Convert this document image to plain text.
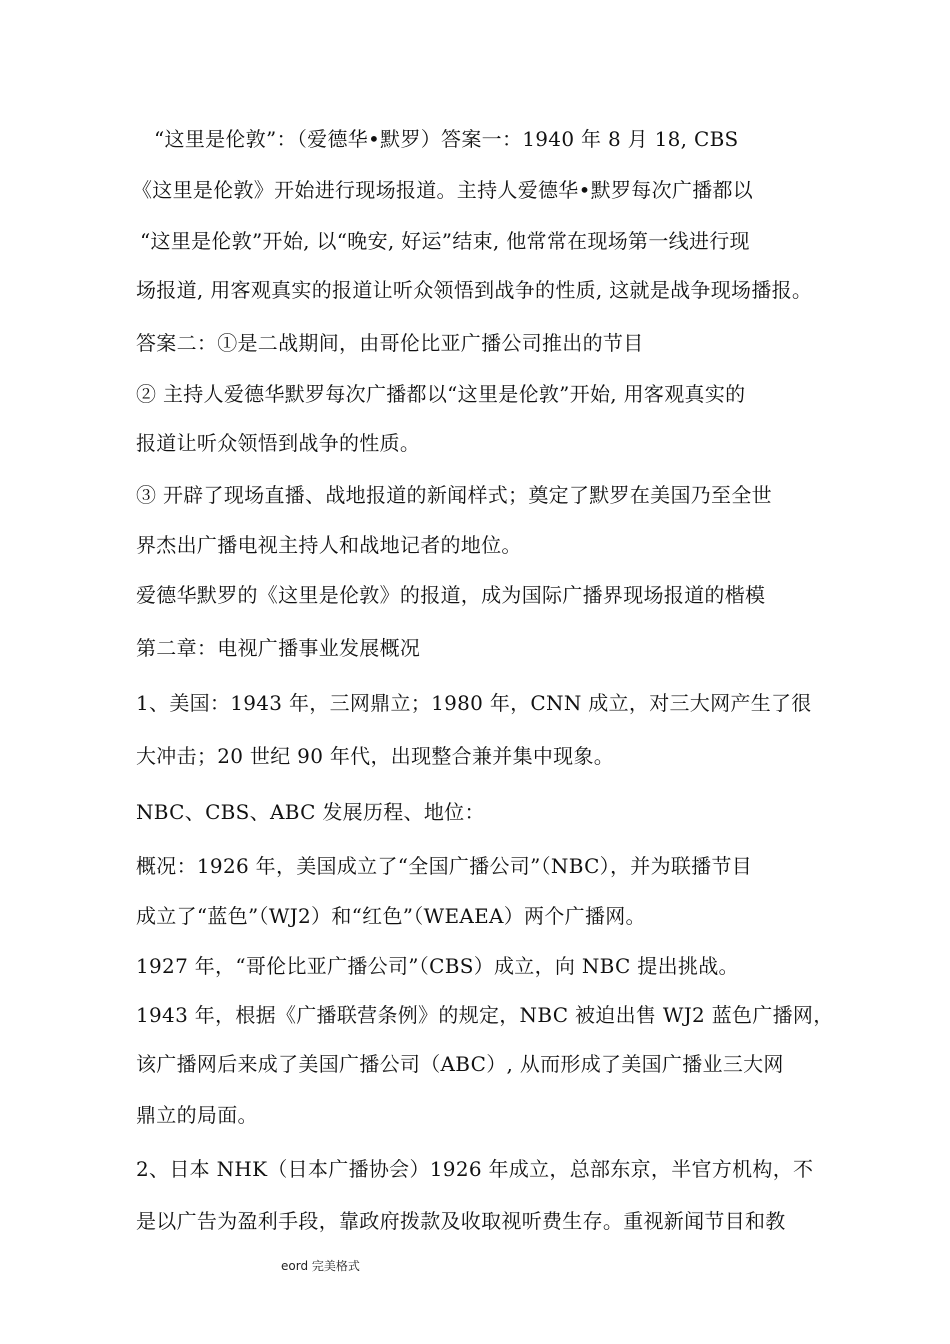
“这里是伦敦”：（爱德华•默罗）答案一：1940 年 8 月 18, CBS
《这里是伦敦》开始进行现场报道。主持人爱德华•默罗每次广播都以
“这里是伦敦”开始, 以“晚安, 好运”结束, 他常常在现场第一线进行现
场报道, 用客观真实的报道让听众领悟到战争的性质, 这就是战争现场播报。
答案二：①是二战期间，由哥伦比亚广播公司推出的节目
② 主持人爱德华默罗每次广播都以“这里是伦敦”开始, 用客观真实的
报道让听众领悟到战争的性质。
③ 开辟了现场直播、战地报道的新闻样式；奠定了默罗在美国乃至全世
界杰出广播电视主持人和战地记者的地位。
爱德华默罗的《这里是伦敦》的报道，成为国际广播界现场报道的楷模
第二章：电视广播事业发展概况
1、美国：1943 年，三网鼎立；1980 年，CNN 成立，对三大网产生了很
大冲击；20 世纪 90 年代，出现整合兼并集中现象。
NBC、CBS、ABC 发展历程、地位：
概况：1926 年，美国成立了“全国广播公司”（NBC），并为联播节目
成立了“蓝色”（WJ2）和“红色”（WEAEA）两个广播网。
1927 年，“哥伦比亚广播公司”（CBS）成立，向 NBC 提出挑战。
1943 年，根据《广播联营条例》的规定，NBC 被迫出售 WJ2 蓝色广播网，
该广播网后来成了美国广播公司（ABC）, 从而形成了美国广播业三大网
鼎立的局面。
2、日本 NHK（日本广播协会）1926 年成立，总部东京，半官方机构，不
是以广告为盈利手段，靠政府拨款及收取视听费生存。重视新闻节目和教
eord 完美格式
